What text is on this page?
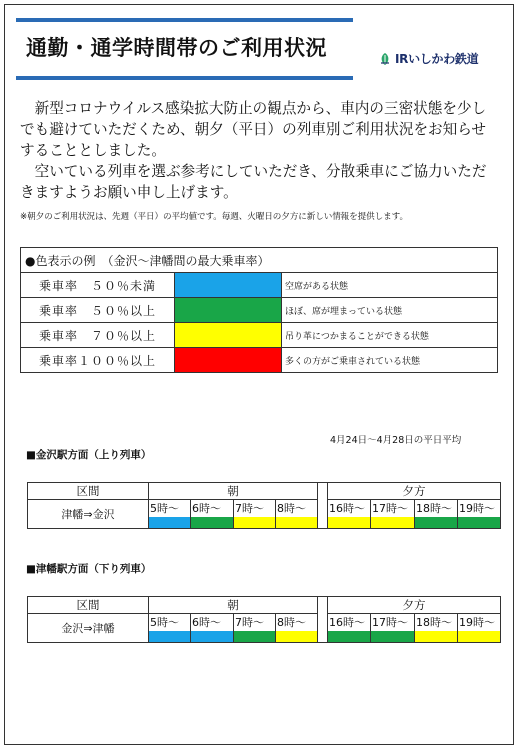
通勤・通学時間帯のご利用状況	IRいしかわ鉄道

新型コロナウイルス感染拡大防止の観点から、車内の三密状態を少しでも避けていただくため、朝夕（平日）の列車別ご利用状況をお知らせすることとしました。

空いている列車を選ぶ参考にしていただき、分散乗車にご協力いただきますようお願い申し上げます。

※朝夕のご利用状況は、先週（平日）の平均値です。毎週、火曜日の夕方に新しい情報を提供します。
●色表示の例　（金沢～津幡間の最大乗車率）		
乗車率　５０％未満		空席がある状態
乗車率　５０％以上		ほぼ、席が埋まっている状態
乗車率　７０％以上		吊り革につかまることができる状態
乗車率１００％以上		多くの方がご乗車されている状態
4月24日～4月28日の平日平均
■金沢駅方面（上り列車）
区間	朝					夕方			
津幡⇒金沢	5時～	6時～	7時～	8時～		16時～	17時～	18時～	19時～

■津幡駅方面（下り列車）
区間	朝					夕方			
金沢⇒津幡	5時～	6時～	7時～	8時～		16時～	17時～	18時～	19時～
